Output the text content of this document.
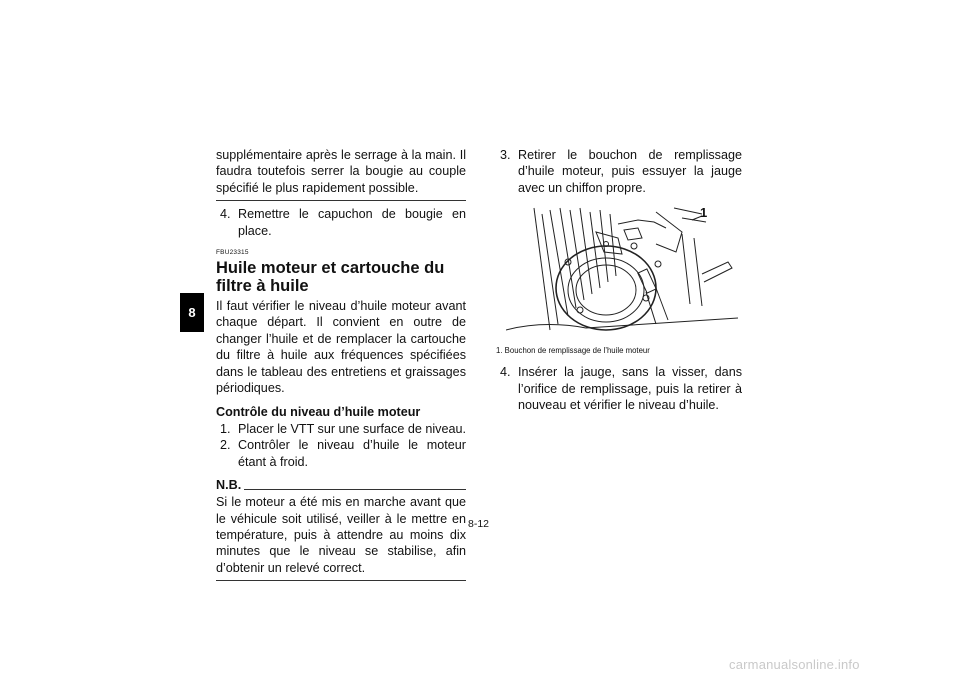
8

supplémentaire après le serrage à la main. Il faudra toutefois serrer la bougie au couple spécifié le plus rapidement possible.

4. Remettre le capuchon de bougie en place.
FBU23315
Huile moteur et cartouche du filtre à huile

Il faut vérifier le niveau d’huile moteur avant chaque départ. Il convient en outre de changer l’huile et de remplacer la cartouche du filtre à huile aux fréquences spécifiées dans le tableau des entretiens et graissages périodiques.

Contrôle du niveau d’huile moteur
1. Placer le VTT sur une surface de niveau.
2. Contrôler le niveau d’huile le moteur étant à froid.
N.B.

Si le moteur a été mis en marche avant que le véhicule soit utilisé, veiller à le mettre en température, puis à attendre au moins dix minutes que le niveau se stabilise, afin d’obtenir un relevé correct.

3. Retirer le bouchon de remplissage d’huile moteur, puis essuyer la jauge avec un chiffon propre.
1
1. Bouchon de remplissage de l’huile moteur
4. Insérer la jauge, sans la visser, dans l’orifice de remplissage, puis la retirer à nouveau et vérifier le niveau d’huile.
8-12
carmanualsonline.info
